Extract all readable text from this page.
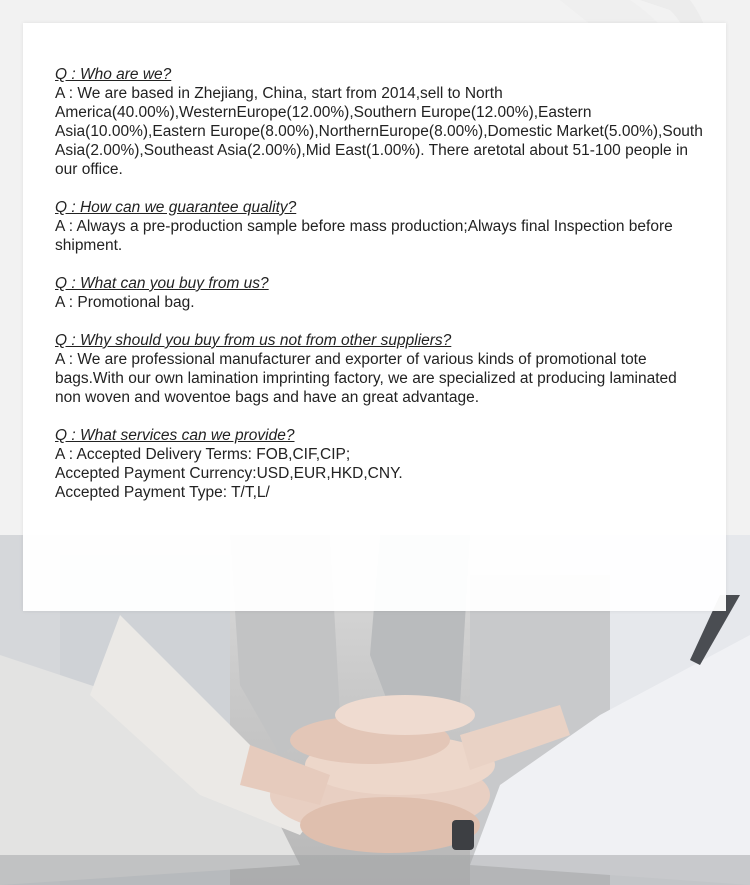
Q : Who are we?

A : We are based in Zhejiang, China, start from 2014,sell to North America(40.00%),WesternEurope(12.00%),Southern Europe(12.00%),Eastern Asia(10.00%),Eastern Europe(8.00%),NorthernEurope(8.00%),Domestic Market(5.00%),South Asia(2.00%),Southeast Asia(2.00%),Mid East(1.00%). There aretotal about 51-100 people in our office.

Q : How can we guarantee quality?

A : Always a pre-production sample before mass production;Always final Inspection before shipment.

Q : What can you buy from us?

A : Promotional bag.

Q : Why should you buy from us not from other suppliers?

A : We are professional manufacturer and exporter of various kinds of promotional tote bags.With our own lamination imprinting factory, we are specialized at producing laminated non woven and woventoe bags and have an great advantage.

Q : What services can we provide?

A : Accepted Delivery Terms: FOB,CIF,CIP;
Accepted Payment Currency:USD,EUR,HKD,CNY.
Accepted Payment Type: T/T,L/
